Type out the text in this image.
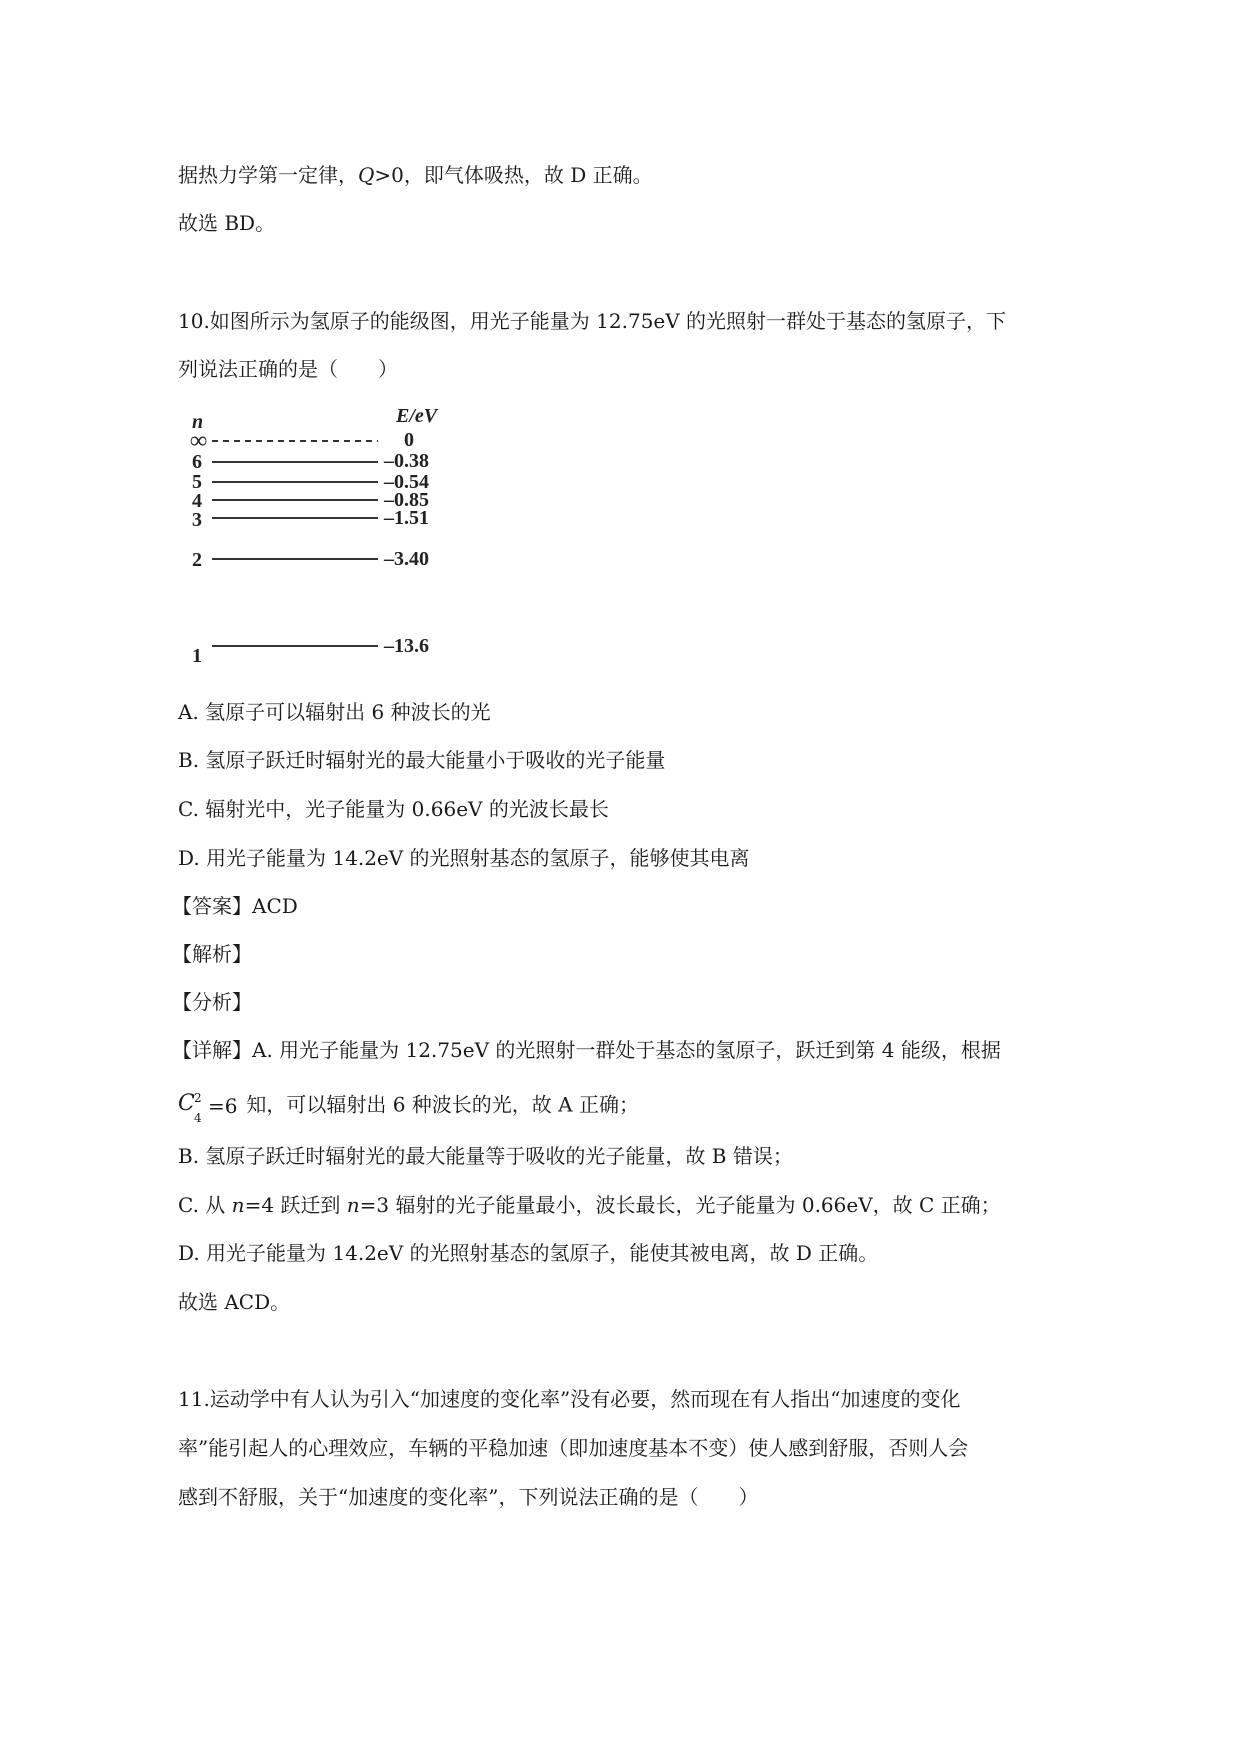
据热力学第一定律，Q>0，即气体吸热，故 D 正确。
故选 BD。
10.如图所示为氢原子的能级图，用光子能量为 12.75eV 的光照射一群处于基态的氢原子，下
列说法正确的是（　　）
n	E/eV
∞	0
6	–0.38
5	–0.54
4	–0.85
3	–1.51
2	–3.40
1	–13.6
A. 氢原子可以辐射出 6 种波长的光
B. 氢原子跃迁时辐射光的最大能量小于吸收的光子能量
C. 辐射光中，光子能量为 0.66eV 的光波长最长
D. 用光子能量为 14.2eV 的光照射基态的氢原子，能够使其电离
【答案】ACD
【解析】
【分析】
【详解】A. 用光子能量为 12.75eV 的光照射一群处于基态的氢原子，跃迁到第 4 能级，根据
C 2
4 =6 知，可以辐射出 6 种波长的光，故 A 正确；
B. 氢原子跃迁时辐射光的最大能量等于吸收的光子能量，故 B 错误；
C. 从 n=4 跃迁到 n=3 辐射的光子能量最小，波长最长，光子能量为 0.66eV，故 C 正确；
D. 用光子能量为 14.2eV 的光照射基态的氢原子，能使其被电离，故 D 正确。
故选 ACD。
11.运动学中有人认为引入“加速度的变化率”没有必要，然而现在有人指出“加速度的变化
率”能引起人的心理效应，车辆的平稳加速（即加速度基本不变）使人感到舒服，否则人会
感到不舒服，关于“加速度的变化率”，下列说法正确的是（　　）
